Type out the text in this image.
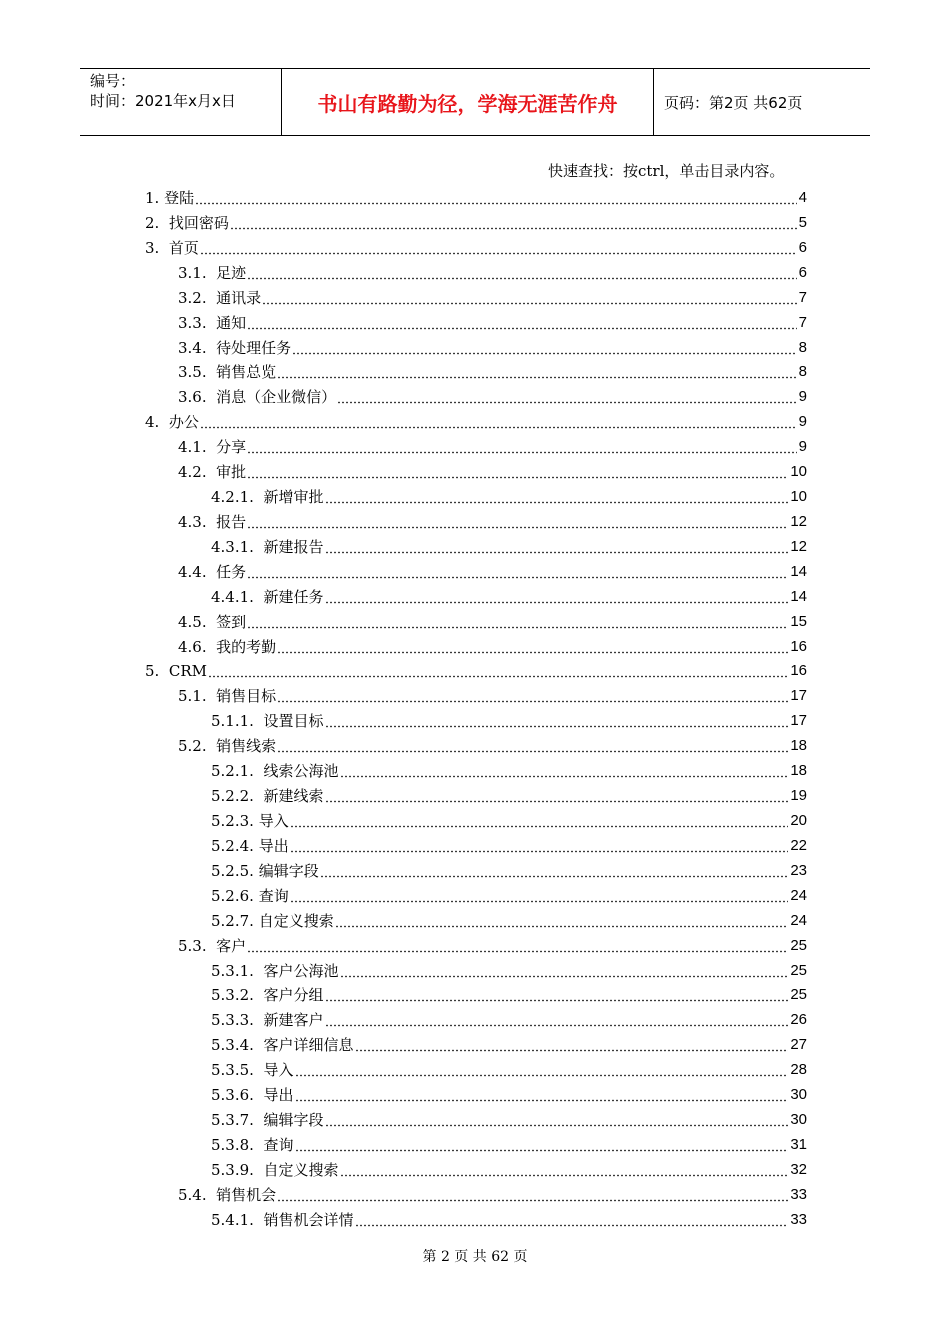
编号：
时间：2021年x月x日	书山有路勤为径，学海无涯苦作舟	页码：第2页 共62页
快速查找：按ctrl，单击目录内容。
1. 登陆	4
2. 找回密码	5
3. 首页	6
3.1. 足迹	6
3.2. 通讯录	7
3.3. 通知	7
3.4. 待处理任务	8
3.5. 销售总览	8
3.6. 消息（企业微信）	9
4. 办公	9
4.1. 分享	9
4.2. 审批	10
4.2.1. 新增审批	10
4.3. 报告	12
4.3.1. 新建报告	12
4.4. 任务	14
4.4.1. 新建任务	14
4.5. 签到	15
4.6. 我的考勤	16
5. CRM	16
5.1. 销售目标	17
5.1.1. 设置目标	17
5.2. 销售线索	18
5.2.1. 线索公海池	18
5.2.2. 新建线索	19
5.2.3. 导入	20
5.2.4. 导出	22
5.2.5. 编辑字段	23
5.2.6. 查询	24
5.2.7. 自定义搜索	24
5.3. 客户	25
5.3.1. 客户公海池	25
5.3.2. 客户分组	25
5.3.3. 新建客户	26
5.3.4. 客户详细信息	27
5.3.5. 导入	28
5.3.6. 导出	30
5.3.7. 编辑字段	30
5.3.8. 查询	31
5.3.9. 自定义搜索	32
5.4. 销售机会	33
5.4.1. 销售机会详情	33
第 2 页 共 62 页
